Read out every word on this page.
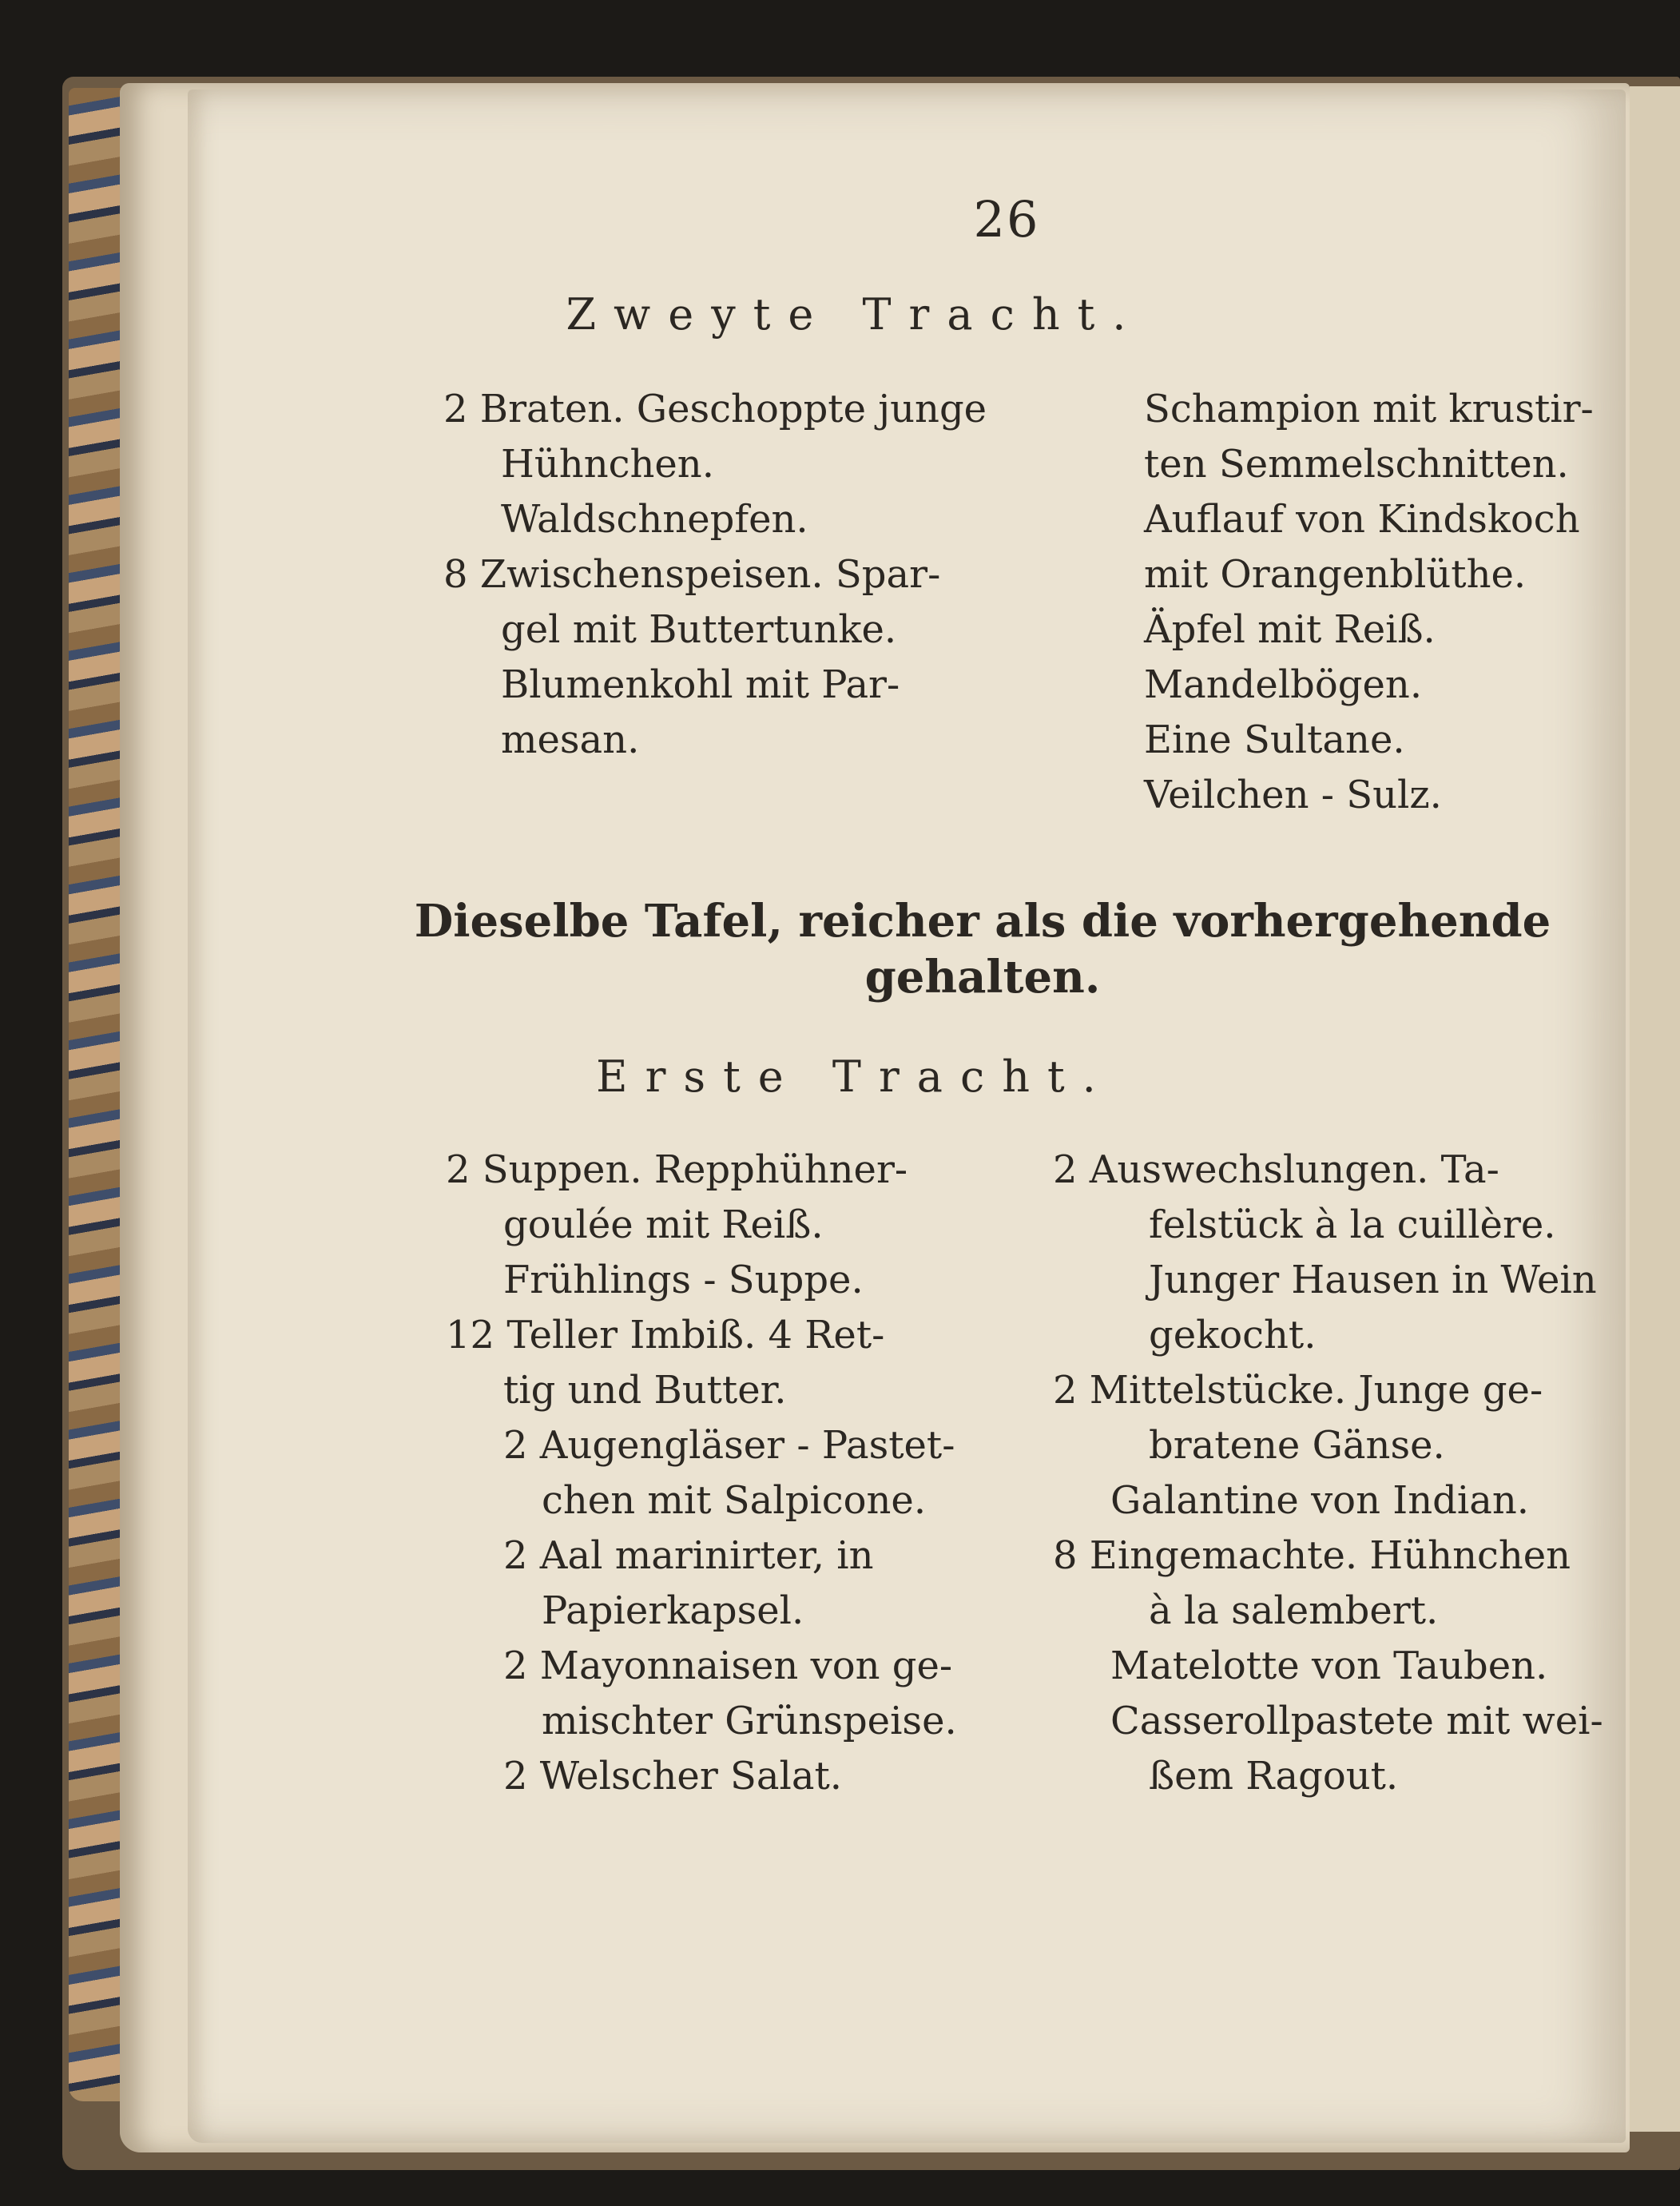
26
Zweyte Tracht.
2 Braten. Geschoppte junge
Hühnchen.
Waldschnepfen.
8 Zwischenspeisen. Spar-
gel mit Buttertunke.
Blumenkohl mit Par-
mesan.
Schampion mit krustir-
ten Semmelschnitten.
Auflauf von Kindskoch
mit Orangenblüthe.
Äpfel mit Reiß.
Mandelbögen.
Eine Sultane.
Veilchen - Sulz.
Dieselbe Tafel, reicher als die vorhergehende
gehalten.
Erste Tracht.
2 Suppen. Repphühner-
goulée mit Reiß.
Frühlings - Suppe.
12 Teller Imbiß. 4 Ret-
tig und Butter.
2 Augengläser - Pastet-
chen mit Salpicone.
2 Aal marinirter, in
Papierkapsel.
2 Mayonnaisen von ge-
mischter Grünspeise.
2 Welscher Salat.
2 Auswechslungen. Ta-
felstück à la cuillère.
Junger Hausen in Wein
gekocht.
2 Mittelstücke. Junge ge-
bratene Gänse.
Galantine von Indian.
8 Eingemachte. Hühnchen
à la salembert.
Matelotte von Tauben.
Casserollpastete mit wei-
ßem Ragout.
